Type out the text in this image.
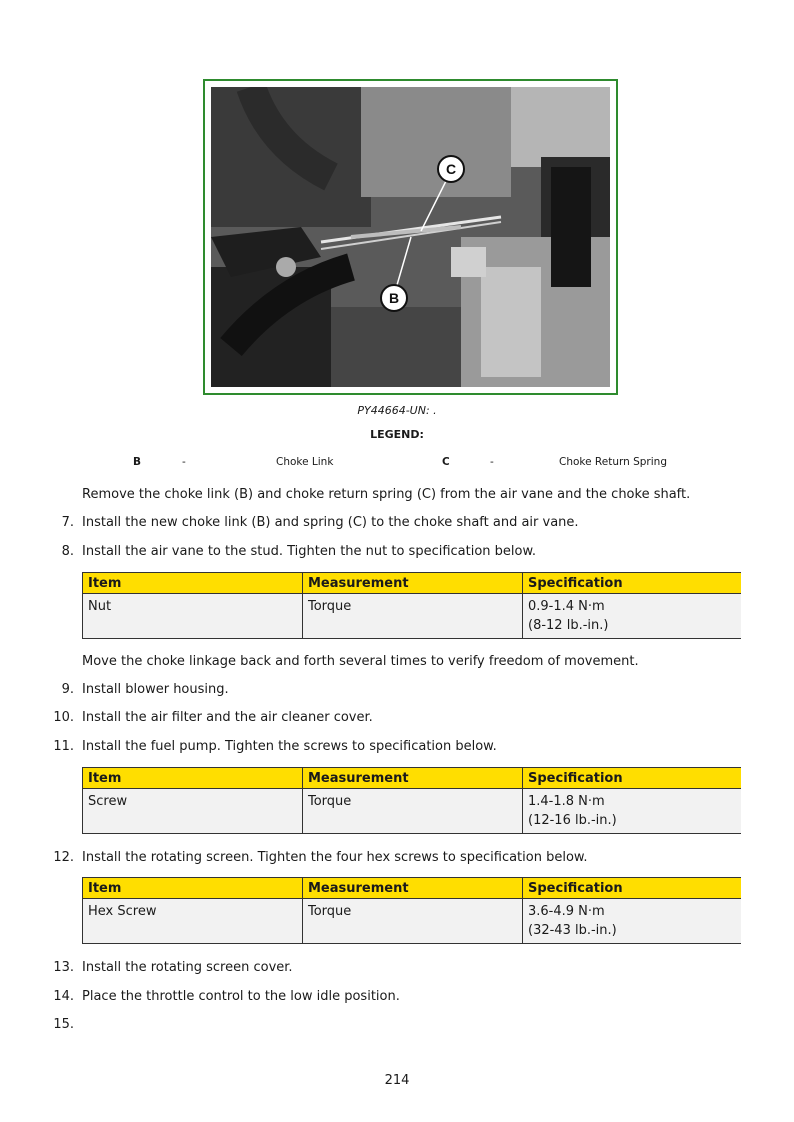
C
B
PY44664-UN: .
LEGEND:
B	-	Choke Link	C	-	Choke Return Spring
Remove the choke link (B) and choke return spring (C) from the air vane and the choke shaft.
7. Install the new choke link (B) and spring (C) to the choke shaft and air vane.
8. Install the air vane to the stud. Tighten the nut to specification below.
Item	Measurement	Specification
Nut	Torque	0.9-1.4 N·m
(8-12 lb.-in.)
Move the choke linkage back and forth several times to verify freedom of movement.
9. Install blower housing.
10. Install the air filter and the air cleaner cover.
11. Install the fuel pump. Tighten the screws to specification below.
Item	Measurement	Specification
Screw	Torque	1.4-1.8 N·m
(12-16 lb.-in.)
12. Install the rotating screen. Tighten the four hex screws to specification below.
Item	Measurement	Specification
Hex Screw	Torque	3.6-4.9 N·m
(32-43 lb.-in.)
13. Install the rotating screen cover.
14. Place the throttle control to the low idle position.
15.
214
